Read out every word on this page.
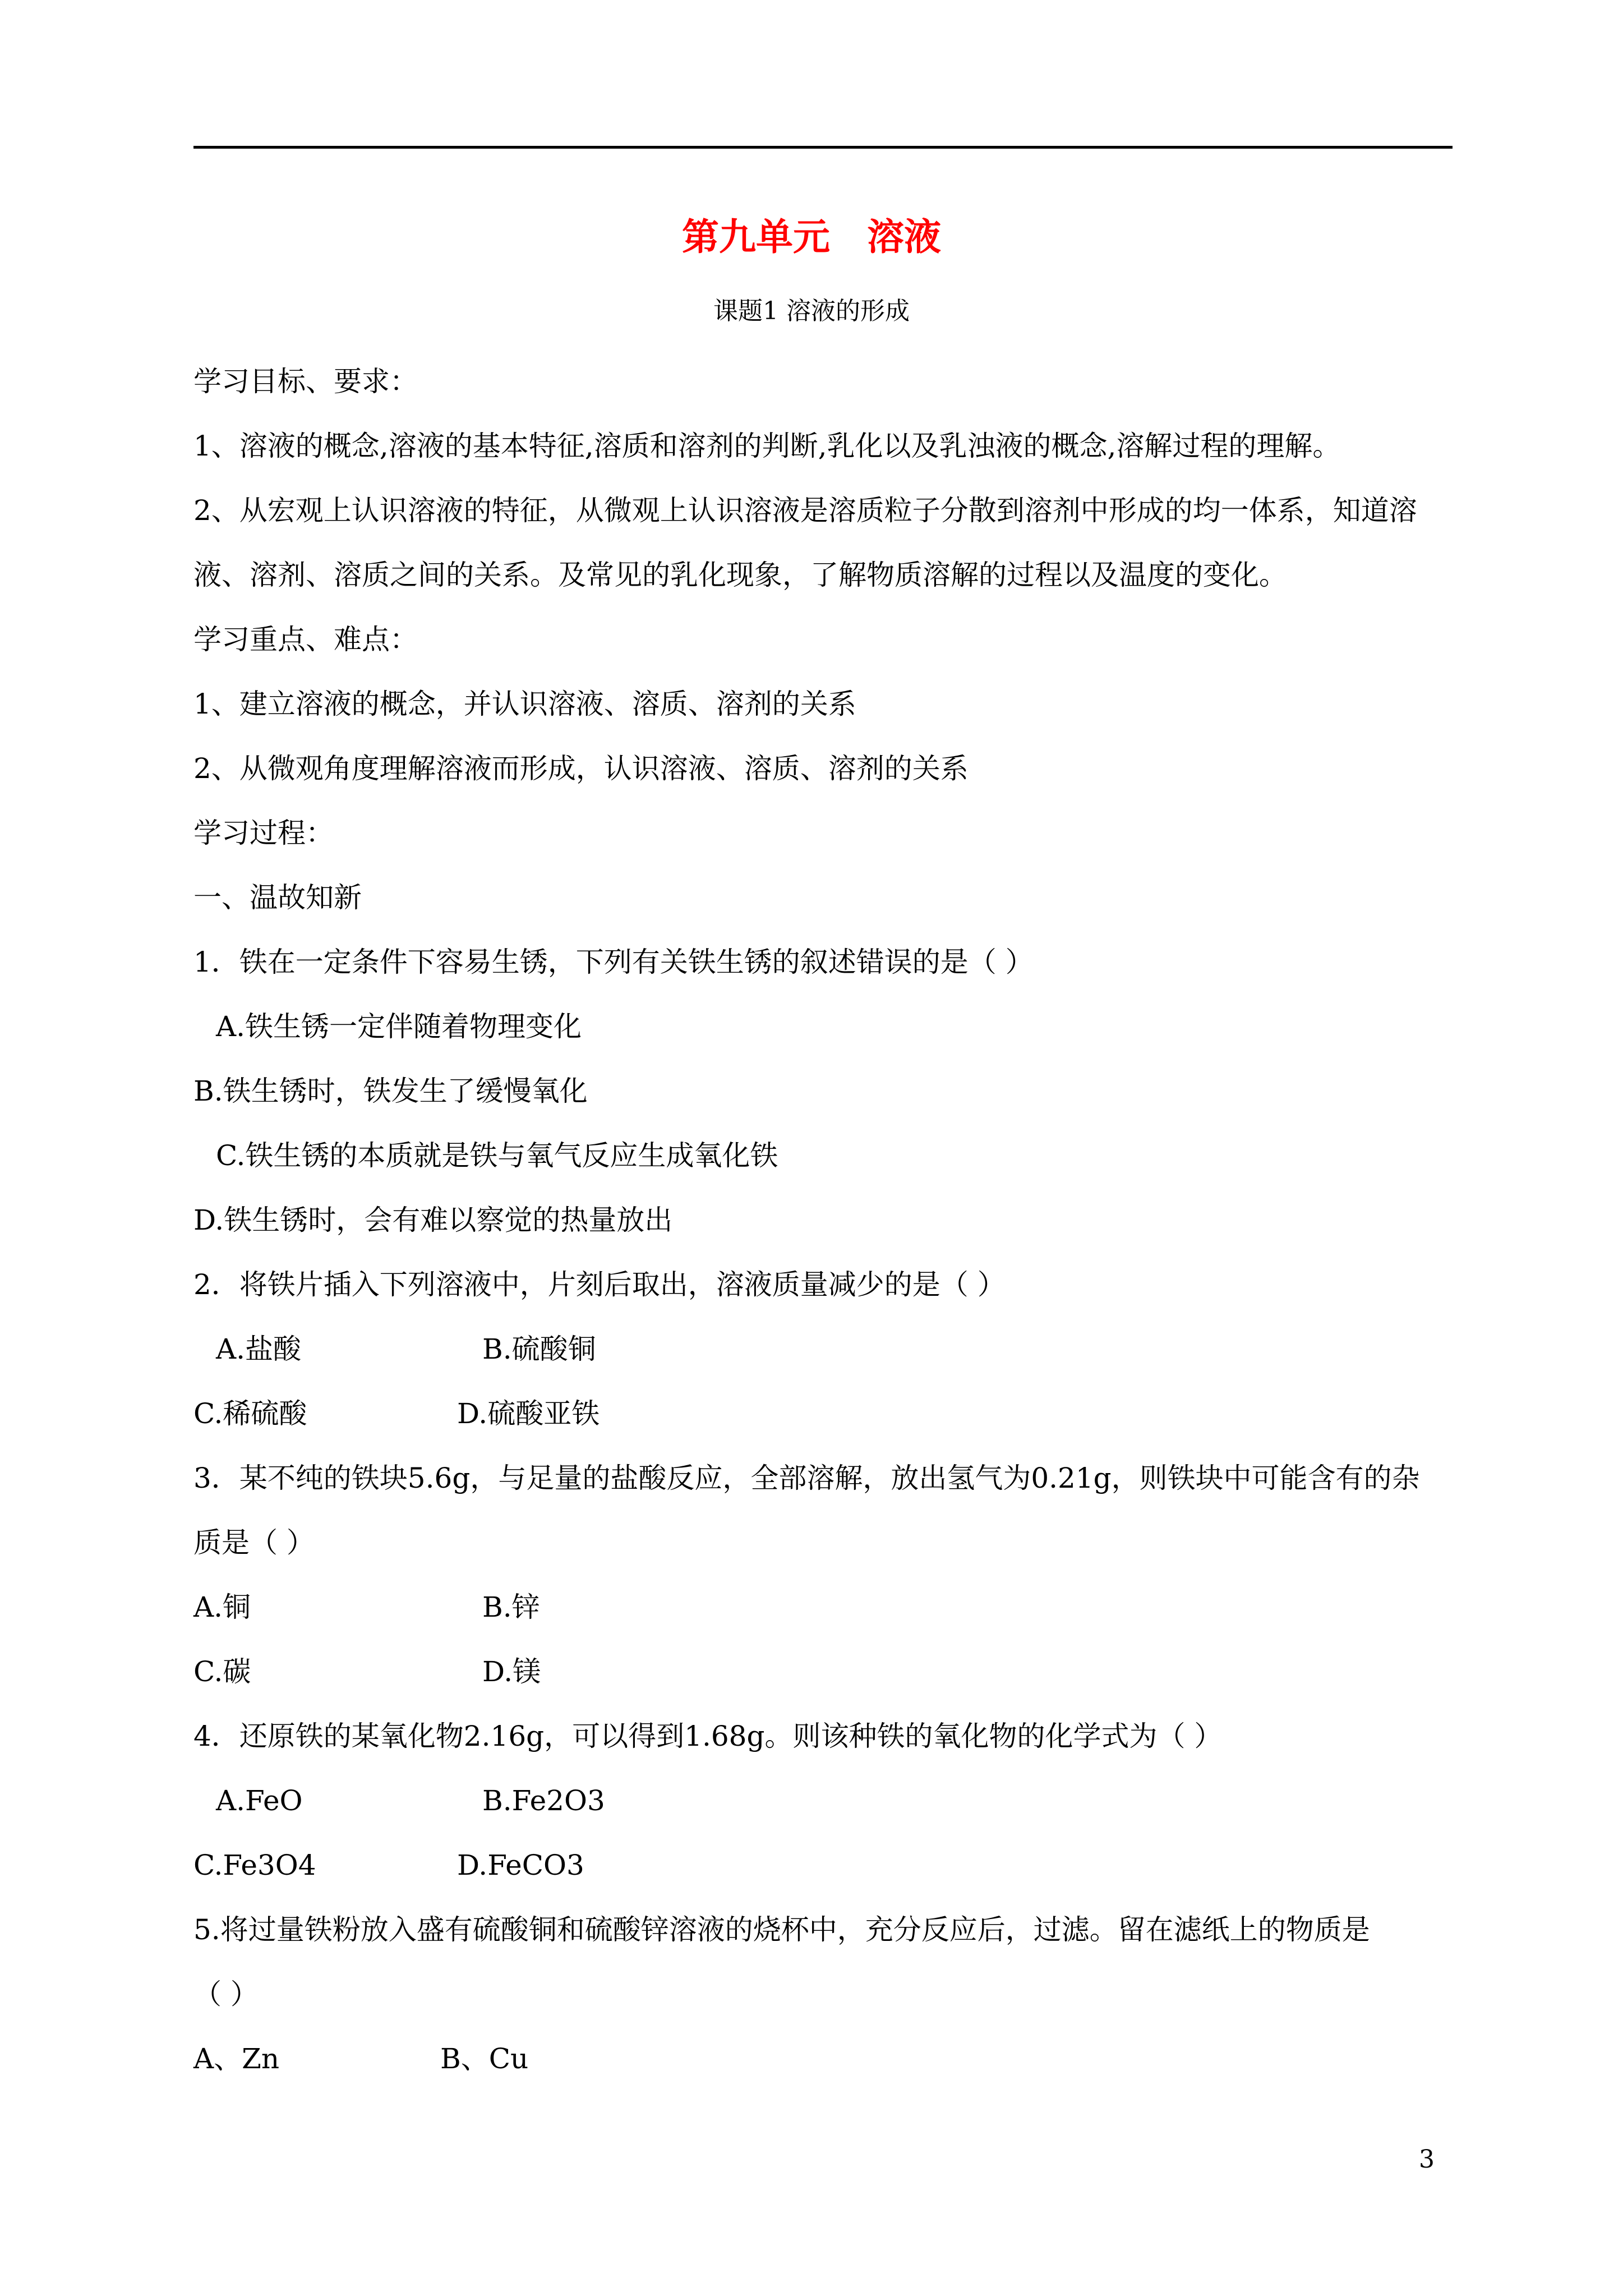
第九单元　溶液
课题1 溶液的形成
学习目标、要求：
1、溶液的概念,溶液的基本特征,溶质和溶剂的判断,乳化以及乳浊液的概念,溶解过程的理解。
2、从宏观上认识溶液的特征，从微观上认识溶液是溶质粒子分散到溶剂中形成的均一体系，知道溶
液、溶剂、溶质之间的关系。及常见的乳化现象，了解物质溶解的过程以及温度的变化。
学习重点、难点：
1、建立溶液的概念，并认识溶液、溶质、溶剂的关系
2、从微观角度理解溶液而形成，认识溶液、溶质、溶剂的关系
学习过程：
一、温故知新
1．铁在一定条件下容易生锈，下列有关铁生锈的叙述错误的是（ ）
A.铁生锈一定伴随着物理变化
B.铁生锈时，铁发生了缓慢氧化
C.铁生锈的本质就是铁与氧气反应生成氧化铁
D.铁生锈时，会有难以察觉的热量放出
2．将铁片插入下列溶液中，片刻后取出，溶液质量减少的是（ ）
A.盐酸	B.硫酸铜
C.稀硫酸	D.硫酸亚铁
3．某不纯的铁块5.6g，与足量的盐酸反应，全部溶解，放出氢气为0.21g，则铁块中可能含有的杂
质是（ ）
A.铜	B.锌
C.碳	D.镁
4．还原铁的某氧化物2.16g，可以得到1.68g。则该种铁的氧化物的化学式为（ ）
A.FeO	B.Fe2O3
C.Fe3O4	D.FeCO3
5.将过量铁粉放入盛有硫酸铜和硫酸锌溶液的烧杯中，充分反应后，过滤。留在滤纸上的物质是
（ ）
A、Zn	B、Cu
3
